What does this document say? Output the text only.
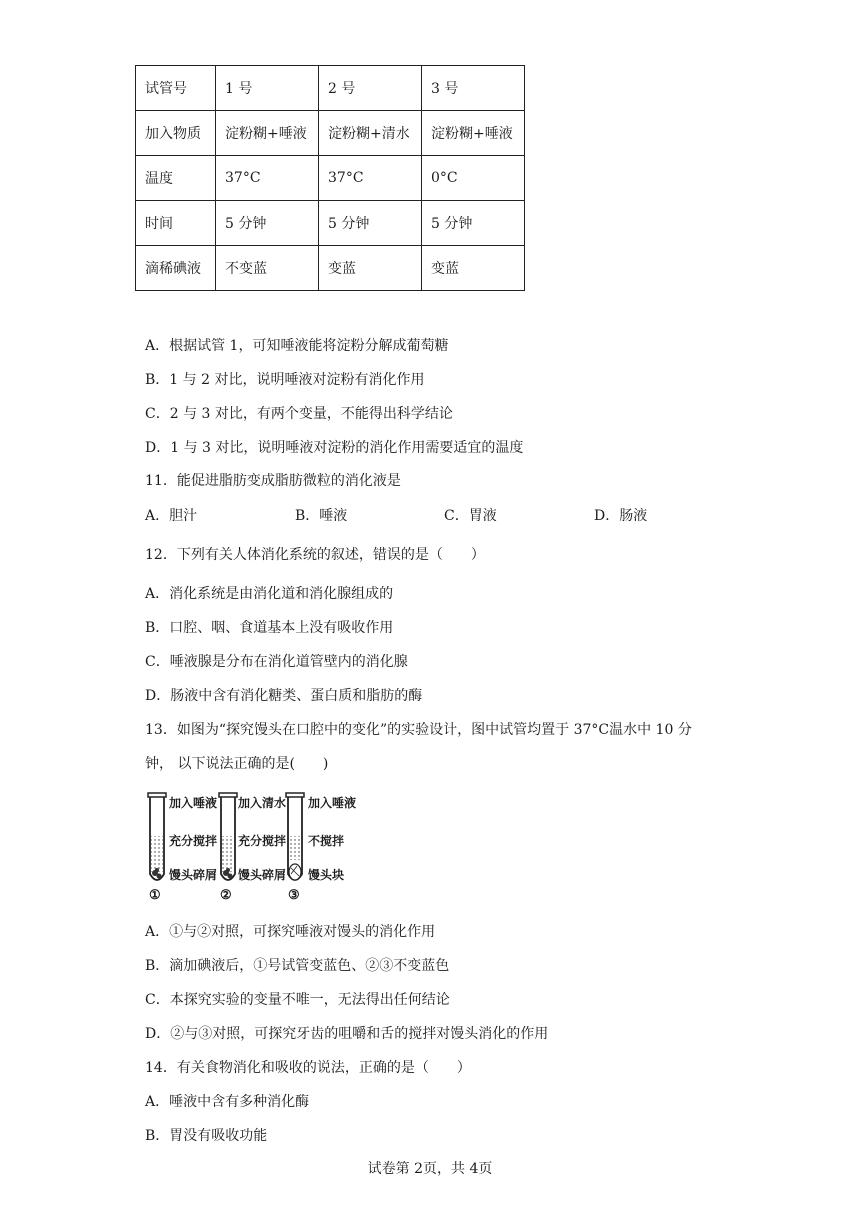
试管号	1 号	2 号	3 号
加入物质	淀粉糊+唾液	淀粉糊+清水	淀粉糊+唾液
温度	37°C	37°C	0°C
时间	5 分钟	5 分钟	5 分钟
滴稀碘液	不变蓝	变蓝	变蓝
A．根据试管 1，可知唾液能将淀粉分解成葡萄糖
B．1 与 2 对比，说明唾液对淀粉有消化作用
C．2 与 3 对比，有两个变量，不能得出科学结论
D．1 与 3 对比，说明唾液对淀粉的消化作用需要适宜的温度
11．能促进脂肪变成脂肪微粒的消化液是
A．胆汁	B．唾液	C．胃液	D．肠液
12．下列有关人体消化系统的叙述，错误的是（　　）
A．消化系统是由消化道和消化腺组成的
B．口腔、咽、食道基本上没有吸收作用
C．唾液腺是分布在消化道管壁内的消化腺
D．肠液中含有消化糖类、蛋白质和脂肪的酶
13．如图为“探究馒头在口腔中的变化”的实验设计，图中试管均置于 37°C温水中 10 分
钟， 以下说法正确的是(　　)
加入唾液
充分搅拌
馒头碎屑
①
加入清水
充分搅拌
馒头碎屑
②
加入唾液
不搅拌
馒头块
③
A．①与②对照，可探究唾液对馒头的消化作用
B．滴加碘液后，①号试管变蓝色、②③不变蓝色
C．本探究实验的变量不唯一，无法得出任何结论
D．②与③对照，可探究牙齿的咀嚼和舌的搅拌对馒头消化的作用
14．有关食物消化和吸收的说法，正确的是（　　）
A．唾液中含有多种消化酶
B．胃没有吸收功能
试卷第 2页，共 4页
